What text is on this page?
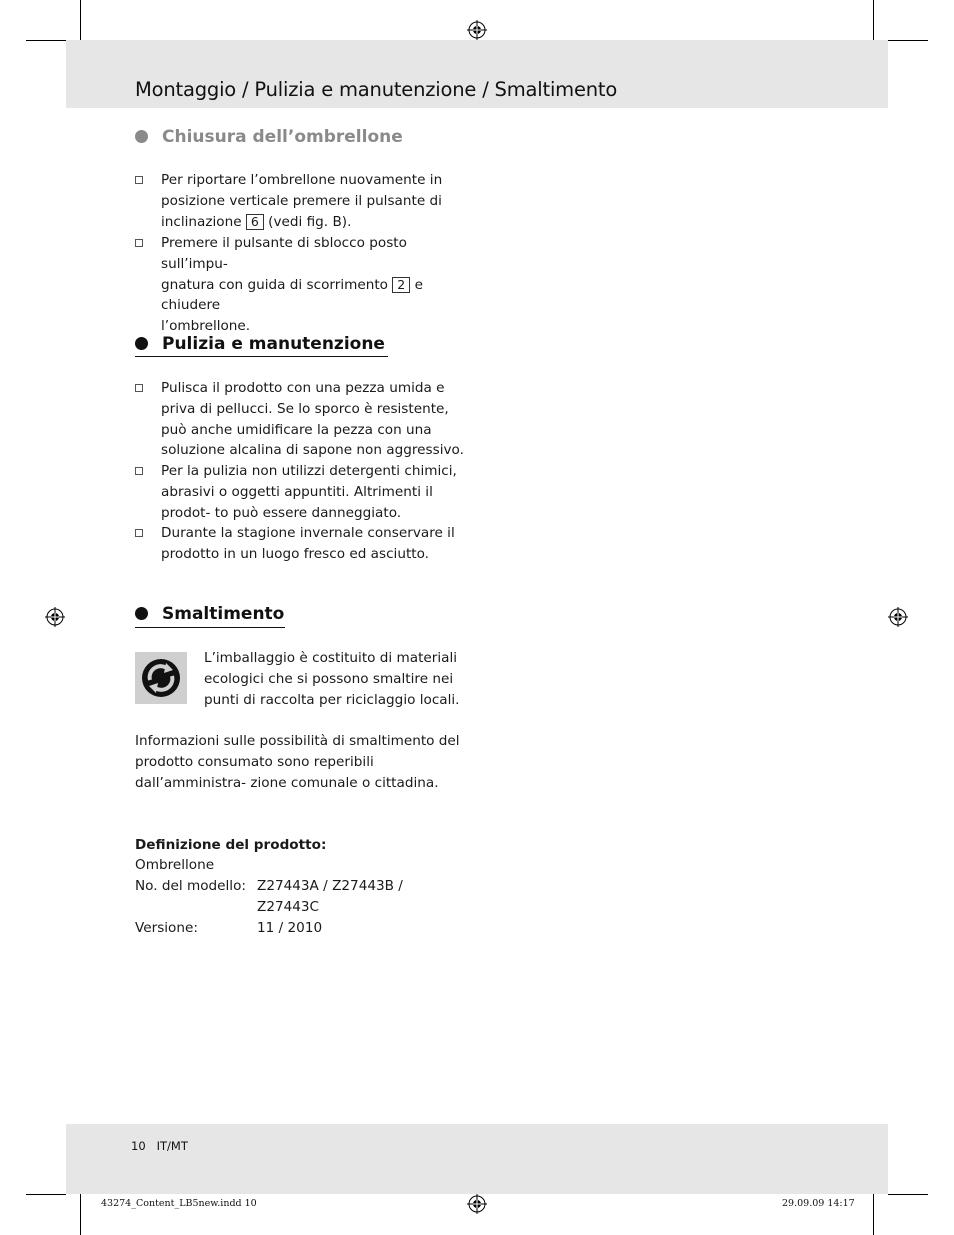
Montaggio / Pulizia e manutenzione / Smaltimento
Chiusura dell’ombrellone
Per riportare l’ombrellone nuovamente in
posizione verticale premere il pulsante di
inclinazione 6 (vedi fig. B).
Premere il pulsante di sblocco posto sull’impu-
gnatura con guida di scorrimento 2 e chiudere
l’ombrellone.
Pulizia e manutenzione
Pulisca il prodotto con una pezza umida e priva di pellucci. Se lo sporco è resistente, può anche umidificare la pezza con una soluzione alcalina di sapone non aggressivo.
Per la pulizia non utilizzi detergenti chimici, abrasivi o oggetti appuntiti. Altrimenti il prodot- to può essere danneggiato.
Durante la stagione invernale conservare il prodotto in un luogo fresco ed asciutto.
Smaltimento
L’imballaggio è costituito di materiali ecologici che si possono smaltire nei punti di raccolta per riciclaggio locali.
Informazioni sulle possibilità di smaltimento del prodotto consumato sono reperibili dall’amministra- zione comunale o cittadina.
Definizione del prodotto:
Ombrellone
No. del modello: Z27443A / Z27443B /
Z27443C
Versione:	11 / 2010
10 IT/MT
43274_Content_LB5new.indd 10	29.09.09 14:17
